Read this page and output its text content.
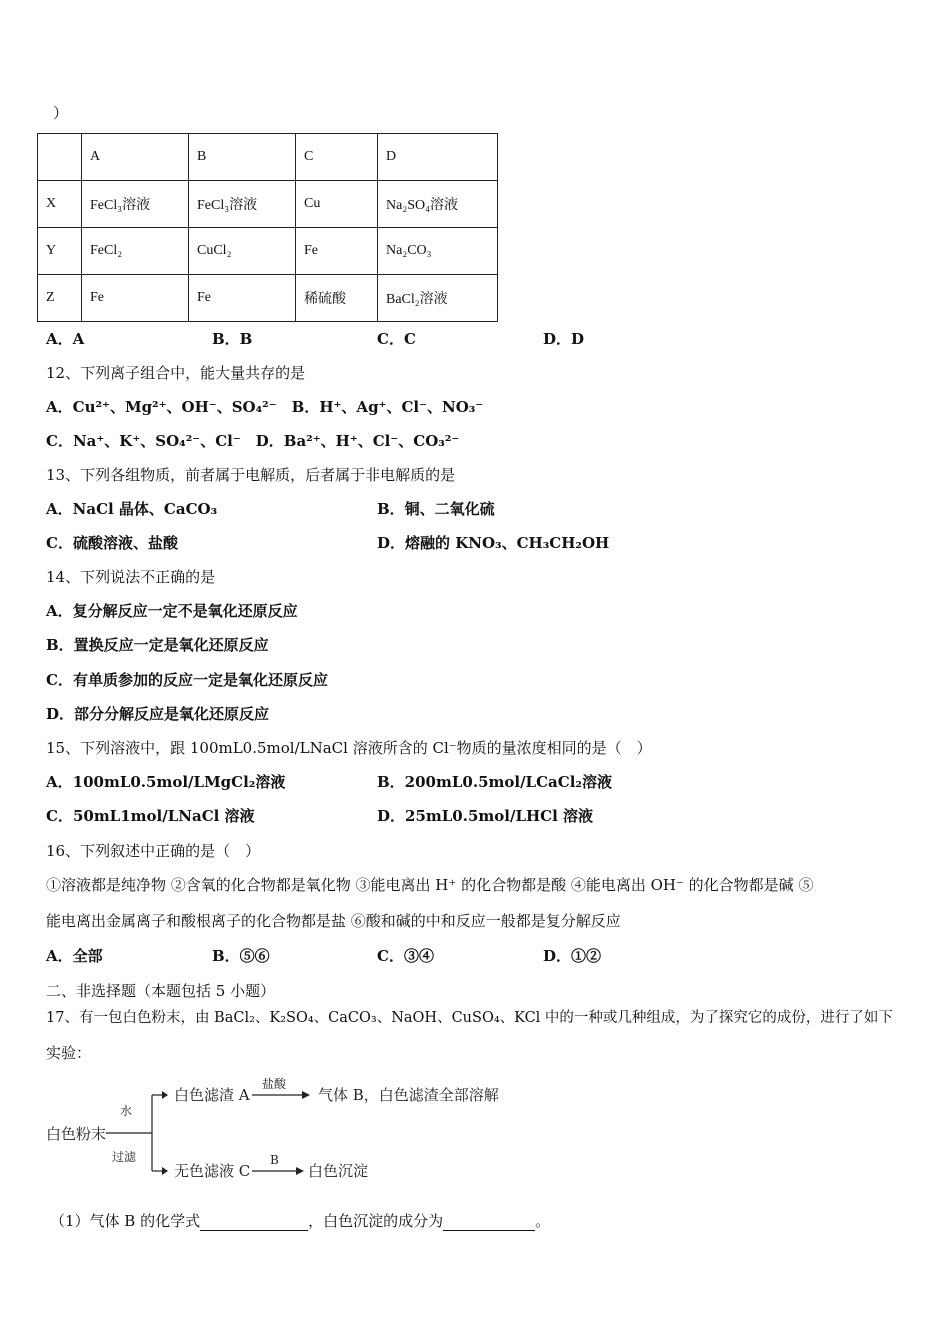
）
	A	B	C	D
X	FeCl₃溶液	FeCl₃溶液	Cu	Na₂SO₄溶液
Y	FeCl₂	CuCl₂	Fe	Na₂CO₃
Z	Fe	Fe	稀硫酸	BaCl₂溶液
A．A	B．B	C．C	D．D
12、下列离子组合中，能大量共存的是
A．Cu²⁺、Mg²⁺、OH⁻、SO₄²⁻　B．H⁺、Ag⁺、Cl⁻、NO₃⁻
C．Na⁺、K⁺、SO₄²⁻、Cl⁻　D．Ba²⁺、H⁺、Cl⁻、CO₃²⁻
13、下列各组物质，前者属于电解质，后者属于非电解质的是
A．NaCl 晶体、CaCO₃	B．铜、二氧化硫
C．硫酸溶液、盐酸	D．熔融的 KNO₃、CH₃CH₂OH
14、下列说法不正确的是
A．复分解反应一定不是氧化还原反应
B．置换反应一定是氧化还原反应
C．有单质参加的反应一定是氧化还原反应
D．部分分解反应是氧化还原反应
15、下列溶液中，跟 100mL0.5mol/LNaCl 溶液所含的 Cl⁻物质的量浓度相同的是（　）
A．100mL0.5mol/LMgCl₂溶液	B．200mL0.5mol/LCaCl₂溶液
C．50mL1mol/LNaCl 溶液	D．25mL0.5mol/LHCl 溶液
16、下列叙述中正确的是（　）
①溶液都是纯净物 ②含氧的化合物都是氧化物 ③能电离出 H⁺ 的化合物都是酸 ④能电离出 OH⁻ 的化合物都是碱 ⑤
能电离出金属离子和酸根离子的化合物都是盐 ⑥酸和碱的中和反应一般都是复分解反应
A．全部	B．⑤⑥	C．③④	D．①②
二、非选择题（本题包括 5 小题）
17、有一包白色粉末，由 BaCl₂、K₂SO₄、CaCO₃、NaOH、CuSO₄、KCl 中的一种或几种组成，为了探究它的成份，进行了如下
实验：
白色粉末
水
过滤
白色滤渣 A
盐酸
气体 B，白色滤渣全部溶解
无色滤液 C
B
白色沉淀
（1）气体 B 的化学式	，白色沉淀的成分为	。
